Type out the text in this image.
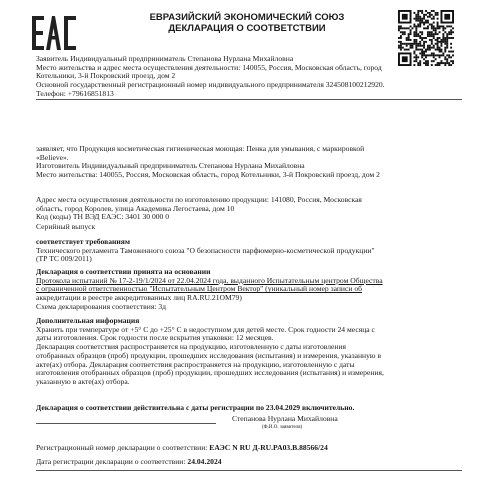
ЕВРАЗИЙСКИЙ ЭКОНОМИЧЕСКИЙ СОЮЗ
ДЕКЛАРАЦИЯ О СООТВЕТСТВИИ
Заявитель Индивидуальный предприниматель Степанова Нурлана Михайловна
Место жительства и адрес места осуществления деятельности: 140055, Россия, Московская область, город
Котельники, 3-й Покровский проезд, дом 2
Основной государственный регистрационный номер индивидуального предпринимателя 324508100212920.
Телефон: +79616851813
заявляет, что Продукция косметическая гигиеническая моющая: Пенка для умывания, с маркировкой
«Believe».
Изготовитель Индивидуальный предприниматель Степанова Нурлана Михайловна
Место жительства: 140055, Россия, Московская область, город Котельники, 3-й Покровский проезд, дом 2
Адрес места осуществления деятельности по изготовлению продукции: 141080, Россия, Московская
область, город Королев, улица Академика Легостаева, дом 10
Код (коды) ТН ВЭД ЕАЭС: 3401 30 000 0
Серийный выпуск
соответствует требованиям
Технического регламента Таможенного союза "О безопасности парфюмерно-косметической продукции"
(ТР ТС 009/2011)
Декларация о соответствии принята на основании
Протокола испытаний № 17-2-19/1/2024 от 22.04.2024 года, выданного Испытательным центром Общества
с ограниченной ответственностью "Испытательным Центром Вектор" (уникальный номер записи об
аккредитации в реестре аккредитованных лиц RA.RU.21OM79)
Схема декларирования соответствия: 3д
Дополнительная информация
Хранить при температуре от +5° С до +25° С в недоступном для детей месте. Срок годности 24 месяца с
даты изготовления. Срок годности после вскрытия упаковки: 12 месяцев.
Декларация соответствия распространяется на продукцию, изготовленную с даты изготовления
отобранных образцов (проб) продукции, прошедших исследования (испытания) и измерения, указанную в
акте(ах) отбора. Декларация соответствия распространяется на продукцию, изготовленную с даты
изготовления отобранных образцов (проб) продукции, прошедших исследования (испытания) и измерения,
указанную в акте(ах) отбора.
Декларация о соответствии действительна с даты регистрации по 23.04.2029 включительно.
Степанова Нурлана Михайловна
(Ф.И.О. заявителя)
Регистрационный номер декларации о соответствии: ЕАЭС N RU Д-RU.PA03.B.88566/24
Дата регистрации декларации о соответствии: 24.04.2024
